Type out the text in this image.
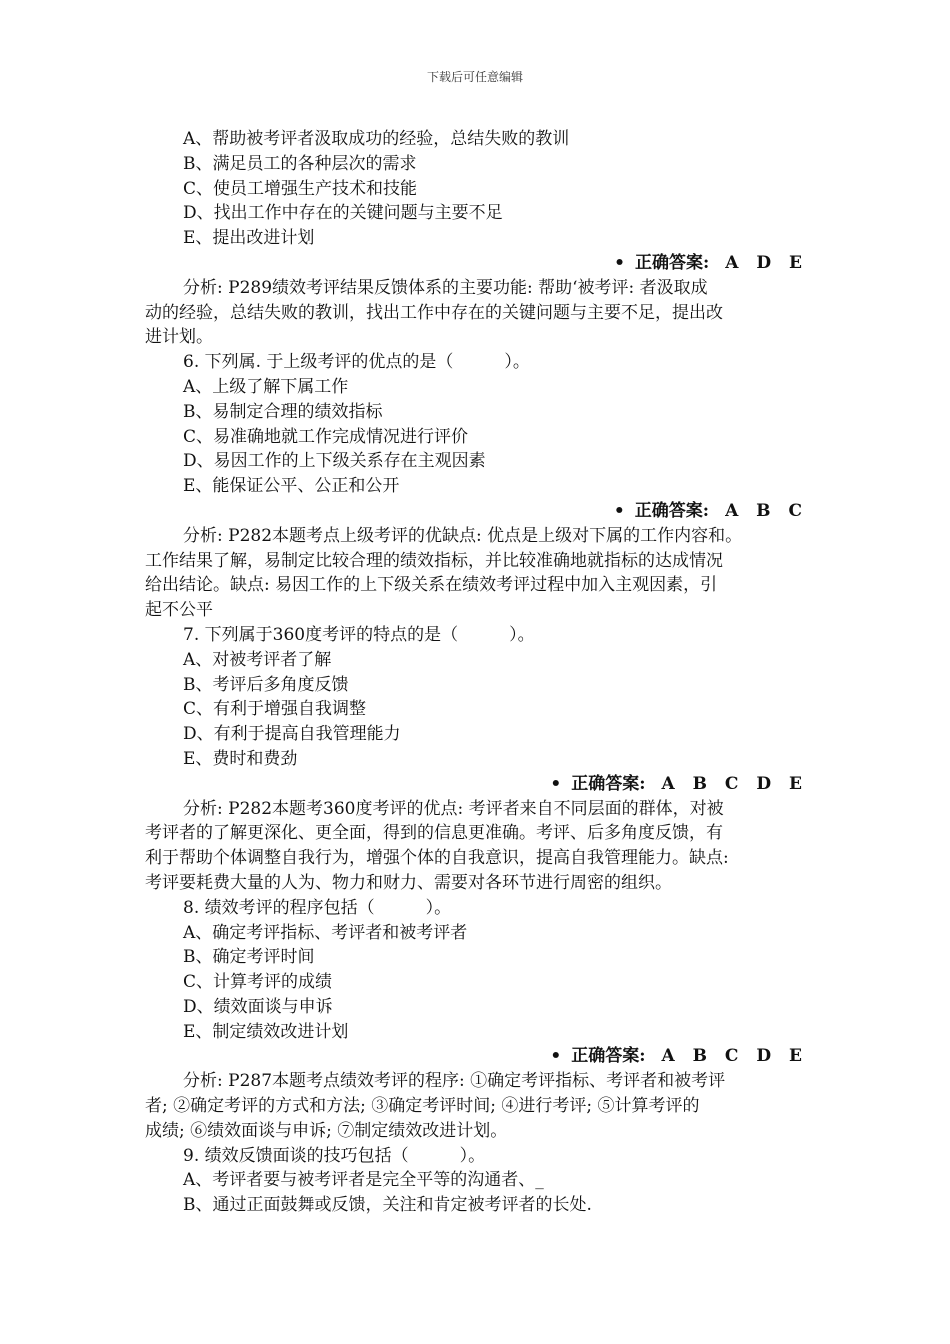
下载后可任意编辑
A、帮助被考评者汲取成功的经验，总结失败的教训
B、满足员工的各种层次的需求
C、使员工增强生产技术和技能
D、找出工作中存在的关键问题与主要不足
E、提出改进计划
• 正确答案: A D E
分析: P289绩效考评结果反馈体系的主要功能: 帮助‘被考评: 者汲取成
动的经验，总结失败的教训，找出工作中存在的关键问题与主要不足，提出改
进计划。
6. 下列属. 于上级考评的优点的是（　　　）。
A、上级了解下属工作
B、易制定合理的绩效指标
C、易准确地就工作完成情况进行评价
D、易因工作的上下级关系存在主观因素
E、能保证公平、公正和公开
• 正确答案: A B C
分析: P282本题考点上级考评的优缺点: 优点是上级对下属的工作内容和。
工作结果了解，易制定比较合理的绩效指标，并比较准确地就指标的达成情况
给出结论。缺点: 易因工作的上下级关系在绩效考评过程中加入主观因素，引
起不公平
7. 下列属于360度考评的特点的是（　　　）。
A、对被考评者了解
B、考评后多角度反馈
C、有利于增强自我调整
D、有利于提高自我管理能力
E、费时和费劲
• 正确答案: A B C D E
分析: P282本题考360度考评的优点: 考评者来自不同层面的群体，对被
考评者的了解更深化、更全面，得到的信息更准确。考评、后多角度反馈，有
利于帮助个体调整自我行为，增强个体的自我意识，提高自我管理能力。缺点:
考评要耗费大量的人为、物力和财力、需要对各环节进行周密的组织。
8. 绩效考评的程序包括（　　　）。
A、确定考评指标、考评者和被考评者
B、确定考评时间
C、计算考评的成绩
D、绩效面谈与申诉
E、制定绩效改进计划
• 正确答案: A B C D E
分析: P287本题考点绩效考评的程序: ①确定考评指标、考评者和被考评
者; ②确定考评的方式和方法; ③确定考评时间; ④进行考评; ⑤计算考评的
成绩; ⑥绩效面谈与申诉; ⑦制定绩效改进计划。
9. 绩效反馈面谈的技巧包括（　　　）。
A、考评者要与被考评者是完全平等的沟通者、_
B、通过正面鼓舞或反馈，关注和肯定被考评者的长处.
